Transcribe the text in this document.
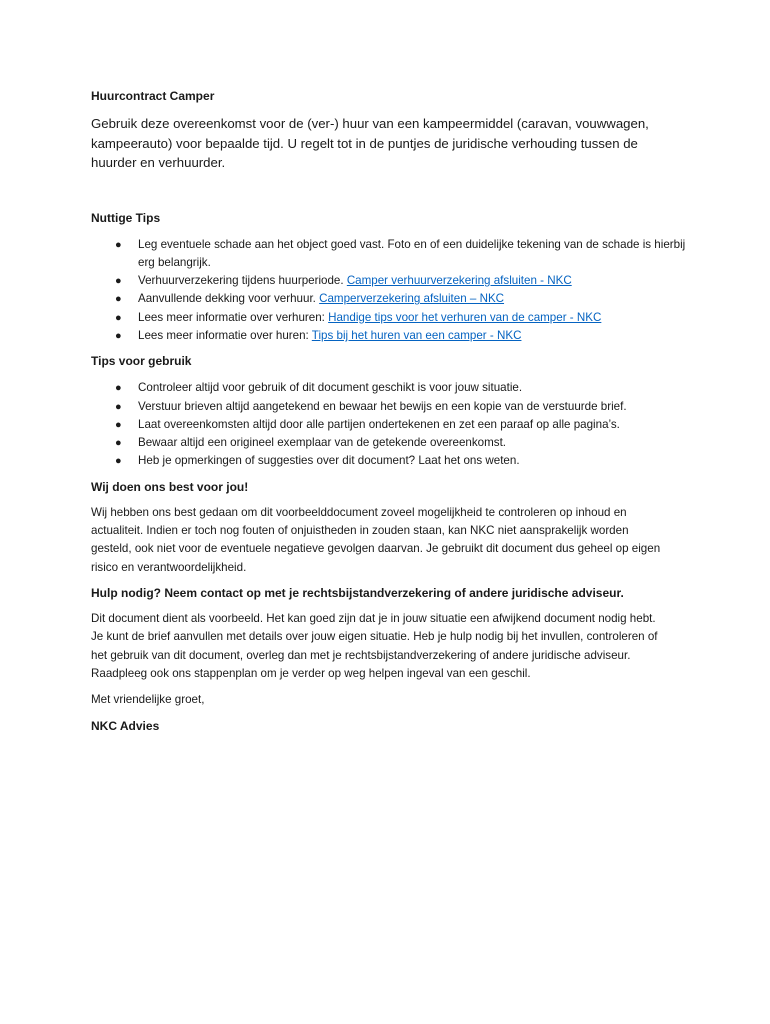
Huurcontract Camper

Gebruik deze overeenkomst voor de (ver-) huur van een kampeermiddel (caravan, vouwwagen, kampeerauto) voor bepaalde tijd. U regelt tot in de puntjes de juridische verhouding tussen de huurder en verhuurder.

Nuttige Tips
● Leg eventuele schade aan het object goed vast. Foto en of een duidelijke tekening van de schade is hierbij erg belangrijk.
● Verhuurverzekering tijdens huurperiode. Camper verhuurverzekering afsluiten - NKC
● Aanvullende dekking voor verhuur. Camperverzekering afsluiten – NKC
● Lees meer informatie over verhuren: Handige tips voor het verhuren van de camper - NKC
● Lees meer informatie over huren: Tips bij het huren van een camper - NKC
Tips voor gebruik
● Controleer altijd voor gebruik of dit document geschikt is voor jouw situatie.
● Verstuur brieven altijd aangetekend en bewaar het bewijs en een kopie van de verstuurde brief.
● Laat overeenkomsten altijd door alle partijen ondertekenen en zet een paraaf op alle pagina’s.
● Bewaar altijd een origineel exemplaar van de getekende overeenkomst.
● Heb je opmerkingen of suggesties over dit document? Laat het ons weten.
Wij doen ons best voor jou!

Wij hebben ons best gedaan om dit voorbeelddocument zoveel mogelijkheid te controleren op inhoud en actualiteit. Indien er toch nog fouten of onjuistheden in zouden staan, kan NKC niet aansprakelijk worden gesteld, ook niet voor de eventuele negatieve gevolgen daarvan. Je gebruikt dit document dus geheel op eigen risico en verantwoordelijkheid.

Hulp nodig? Neem contact op met je rechtsbijstandverzekering of andere juridische adviseur.

Dit document dient als voorbeeld. Het kan goed zijn dat je in jouw situatie een afwijkend document nodig hebt. Je kunt de brief aanvullen met details over jouw eigen situatie. Heb je hulp nodig bij het invullen, controleren of het gebruik van dit document, overleg dan met je rechtsbijstandverzekering of andere juridische adviseur. Raadpleeg ook ons stappenplan om je verder op weg helpen ingeval van een geschil.

Met vriendelijke groet,

NKC Advies
